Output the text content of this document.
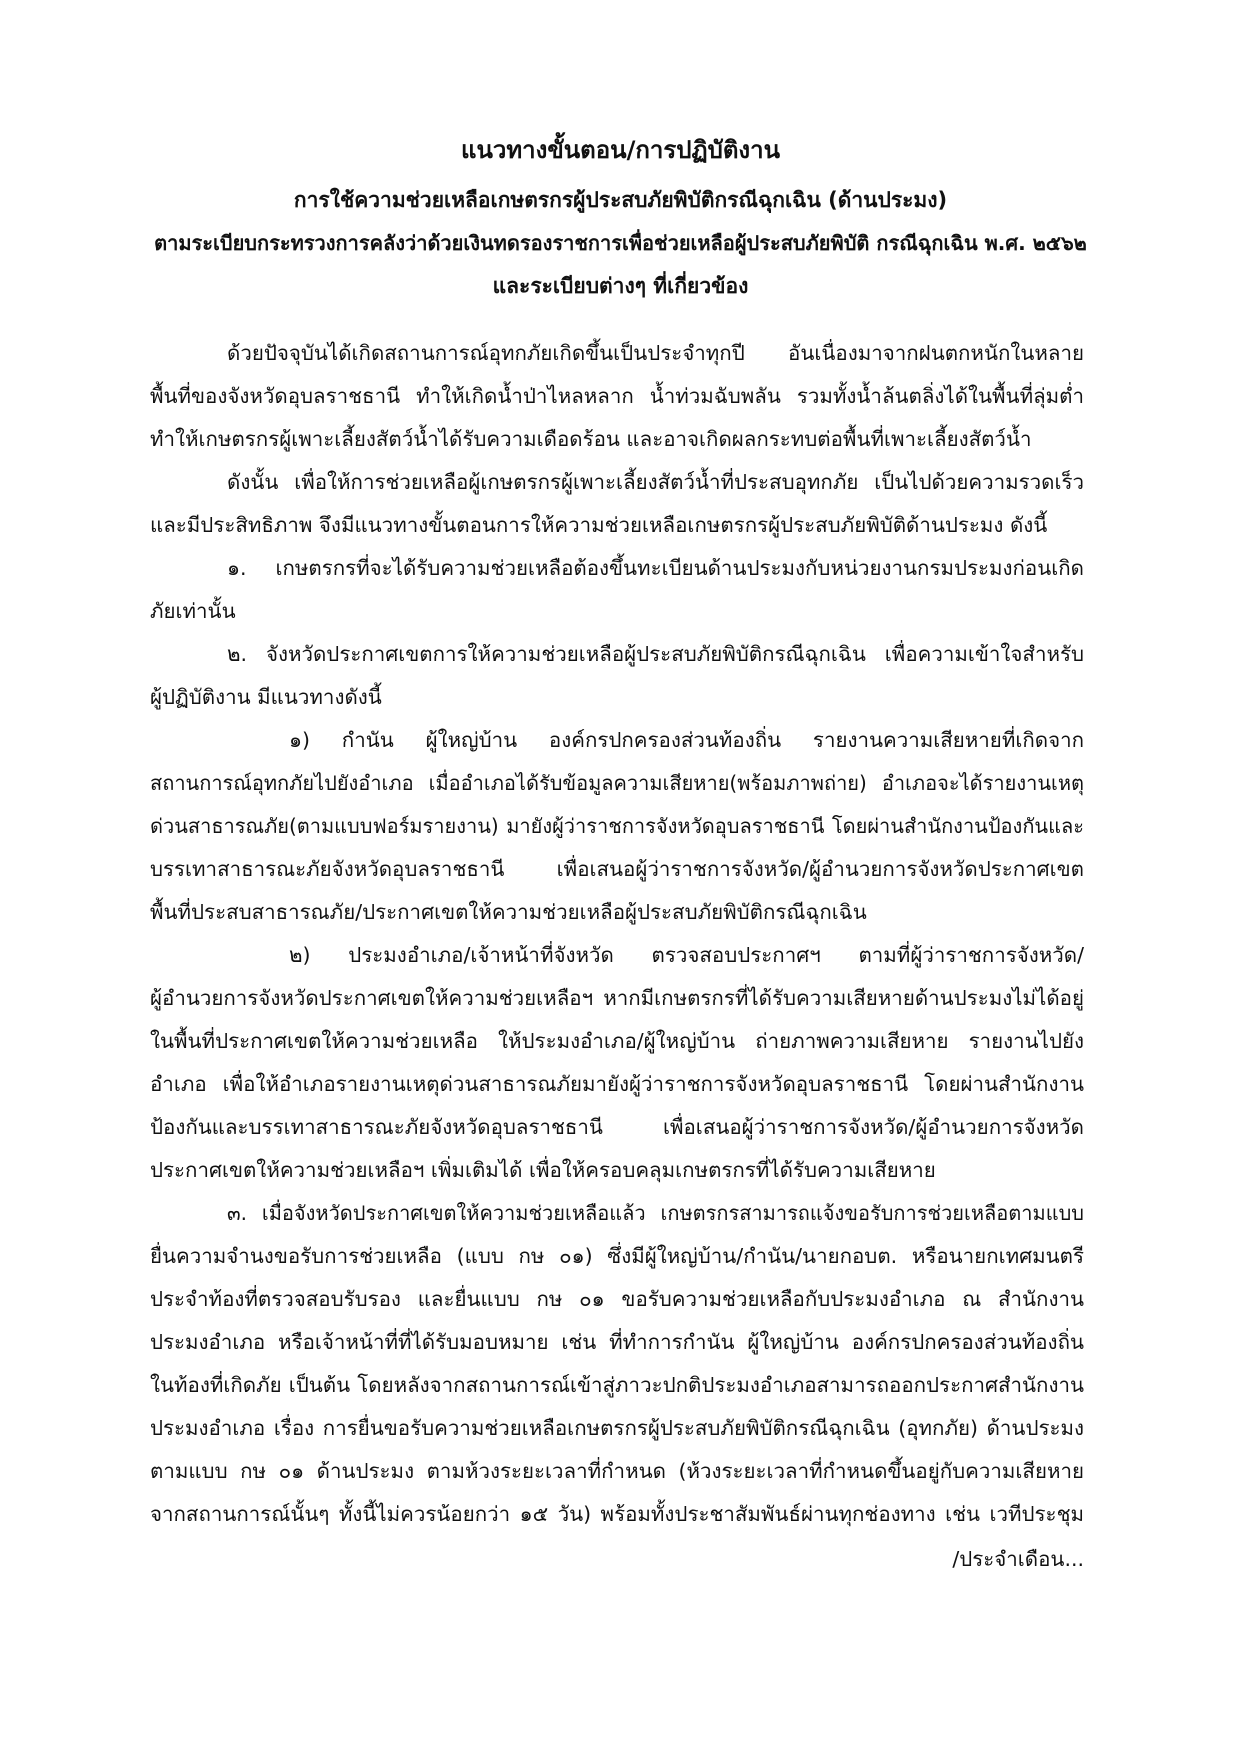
แนวทางขั้นตอน/การปฏิบัติงาน
การใช้ความช่วยเหลือเกษตรกรผู้ประสบภัยพิบัติกรณีฉุกเฉิน (ด้านประมง)
ตามระเบียบกระทรวงการคลังว่าด้วยเงินทดรองราชการเพื่อช่วยเหลือผู้ประสบภัยพิบัติ กรณีฉุกเฉิน พ.ศ. ๒๕๖๒
และระเบียบต่างๆ ที่เกี่ยวข้อง
ด้วยปัจจุบันได้เกิดสถานการณ์อุทกภัยเกิดขึ้นเป็นประจำทุกปี อันเนื่องมาจากฝนตกหนักในหลาย
พื้นที่ของจังหวัดอุบลราชธานี ทำให้เกิดน้ำป่าไหลหลาก น้ำท่วมฉับพลัน รวมทั้งน้ำล้นตลิ่งได้ในพื้นที่ลุ่มต่ำ
ทำให้เกษตรกรผู้เพาะเลี้ยงสัตว์น้ำได้รับความเดือดร้อน และอาจเกิดผลกระทบต่อพื้นที่เพาะเลี้ยงสัตว์น้ำ
ดังนั้น เพื่อให้การช่วยเหลือผู้เกษตรกรผู้เพาะเลี้ยงสัตว์น้ำที่ประสบอุทกภัย เป็นไปด้วยความรวดเร็ว
และมีประสิทธิภาพ จึงมีแนวทางขั้นตอนการให้ความช่วยเหลือเกษตรกรผู้ประสบภัยพิบัติด้านประมง ดังนี้
๑. เกษตรกรที่จะได้รับความช่วยเหลือต้องขึ้นทะเบียนด้านประมงกับหน่วยงานกรมประมงก่อนเกิด
ภัยเท่านั้น
๒. จังหวัดประกาศเขตการให้ความช่วยเหลือผู้ประสบภัยพิบัติกรณีฉุกเฉิน เพื่อความเข้าใจสำหรับ
ผู้ปฏิบัติงาน มีแนวทางดังนี้
๑) กำนัน ผู้ใหญ่บ้าน องค์กรปกครองส่วนท้องถิ่น รายงานความเสียหายที่เกิดจาก
สถานการณ์อุทกภัยไปยังอำเภอ เมื่ออำเภอได้รับข้อมูลความเสียหาย(พร้อมภาพถ่าย) อำเภอจะได้รายงานเหตุ
ด่วนสาธารณภัย(ตามแบบฟอร์มรายงาน) มายังผู้ว่าราชการจังหวัดอุบลราชธานี โดยผ่านสำนักงานป้องกันและ
บรรเทาสาธารณะภัยจังหวัดอุบลราชธานี เพื่อเสนอผู้ว่าราชการจังหวัด/ผู้อำนวยการจังหวัดประกาศเขต
พื้นที่ประสบสาธารณภัย/ประกาศเขตให้ความช่วยเหลือผู้ประสบภัยพิบัติกรณีฉุกเฉิน
๒) ประมงอำเภอ/เจ้าหน้าที่จังหวัด ตรวจสอบประกาศฯ ตามที่ผู้ว่าราชการจังหวัด/
ผู้อำนวยการจังหวัดประกาศเขตให้ความช่วยเหลือฯ หากมีเกษตรกรที่ได้รับความเสียหายด้านประมงไม่ได้อยู่
ในพื้นที่ประกาศเขตให้ความช่วยเหลือ ให้ประมงอำเภอ/ผู้ใหญ่บ้าน ถ่ายภาพความเสียหาย รายงานไปยัง
อำเภอ เพื่อให้อำเภอรายงานเหตุด่วนสาธารณภัยมายังผู้ว่าราชการจังหวัดอุบลราชธานี โดยผ่านสำนักงาน
ป้องกันและบรรเทาสาธารณะภัยจังหวัดอุบลราชธานี เพื่อเสนอผู้ว่าราชการจังหวัด/ผู้อำนวยการจังหวัด
ประกาศเขตให้ความช่วยเหลือฯ เพิ่มเติมได้ เพื่อให้ครอบคลุมเกษตรกรที่ได้รับความเสียหาย
๓. เมื่อจังหวัดประกาศเขตให้ความช่วยเหลือแล้ว เกษตรกรสามารถแจ้งขอรับการช่วยเหลือตามแบบ
ยื่นความจำนงขอรับการช่วยเหลือ (แบบ กษ ๐๑) ซึ่งมีผู้ใหญ่บ้าน/กำนัน/นายกอบต. หรือนายกเทศมนตรี
ประจำท้องที่ตรวจสอบรับรอง และยื่นแบบ กษ ๐๑ ขอรับความช่วยเหลือกับประมงอำเภอ ณ สำนักงาน
ประมงอำเภอ หรือเจ้าหน้าที่ที่ได้รับมอบหมาย เช่น ที่ทำการกำนัน ผู้ใหญ่บ้าน องค์กรปกครองส่วนท้องถิ่น
ในท้องที่เกิดภัย เป็นต้น โดยหลังจากสถานการณ์เข้าสู่ภาวะปกติประมงอำเภอสามารถออกประกาศสำนักงาน
ประมงอำเภอ เรื่อง การยื่นขอรับความช่วยเหลือเกษตรกรผู้ประสบภัยพิบัติกรณีฉุกเฉิน (อุทกภัย) ด้านประมง
ตามแบบ กษ ๐๑ ด้านประมง ตามห้วงระยะเวลาที่กำหนด (ห้วงระยะเวลาที่กำหนดขึ้นอยู่กับความเสียหาย
จากสถานการณ์นั้นๆ ทั้งนี้ไม่ควรน้อยกว่า ๑๕ วัน) พร้อมทั้งประชาสัมพันธ์ผ่านทุกช่องทาง เช่น เวทีประชุม
/ประจำเดือน...
